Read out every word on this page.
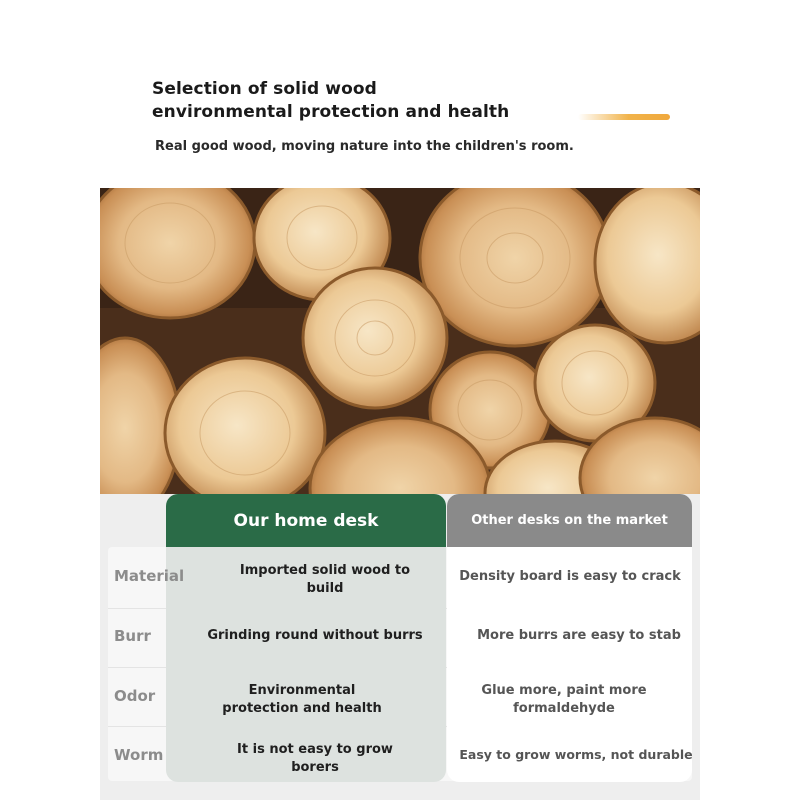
Selection of solid wood
environmental protection and health
Real good wood, moving nature into the children's room.
Our home desk	Other desks on the market
Material
Burr
Odor
Worm
Imported solid wood to build
Grinding round without burrs
Environmental protection and health
It is not easy to grow borers
Density board is easy to crack
More burrs are easy to stab
Glue more, paint more formaldehyde
Easy to grow worms, not durable
